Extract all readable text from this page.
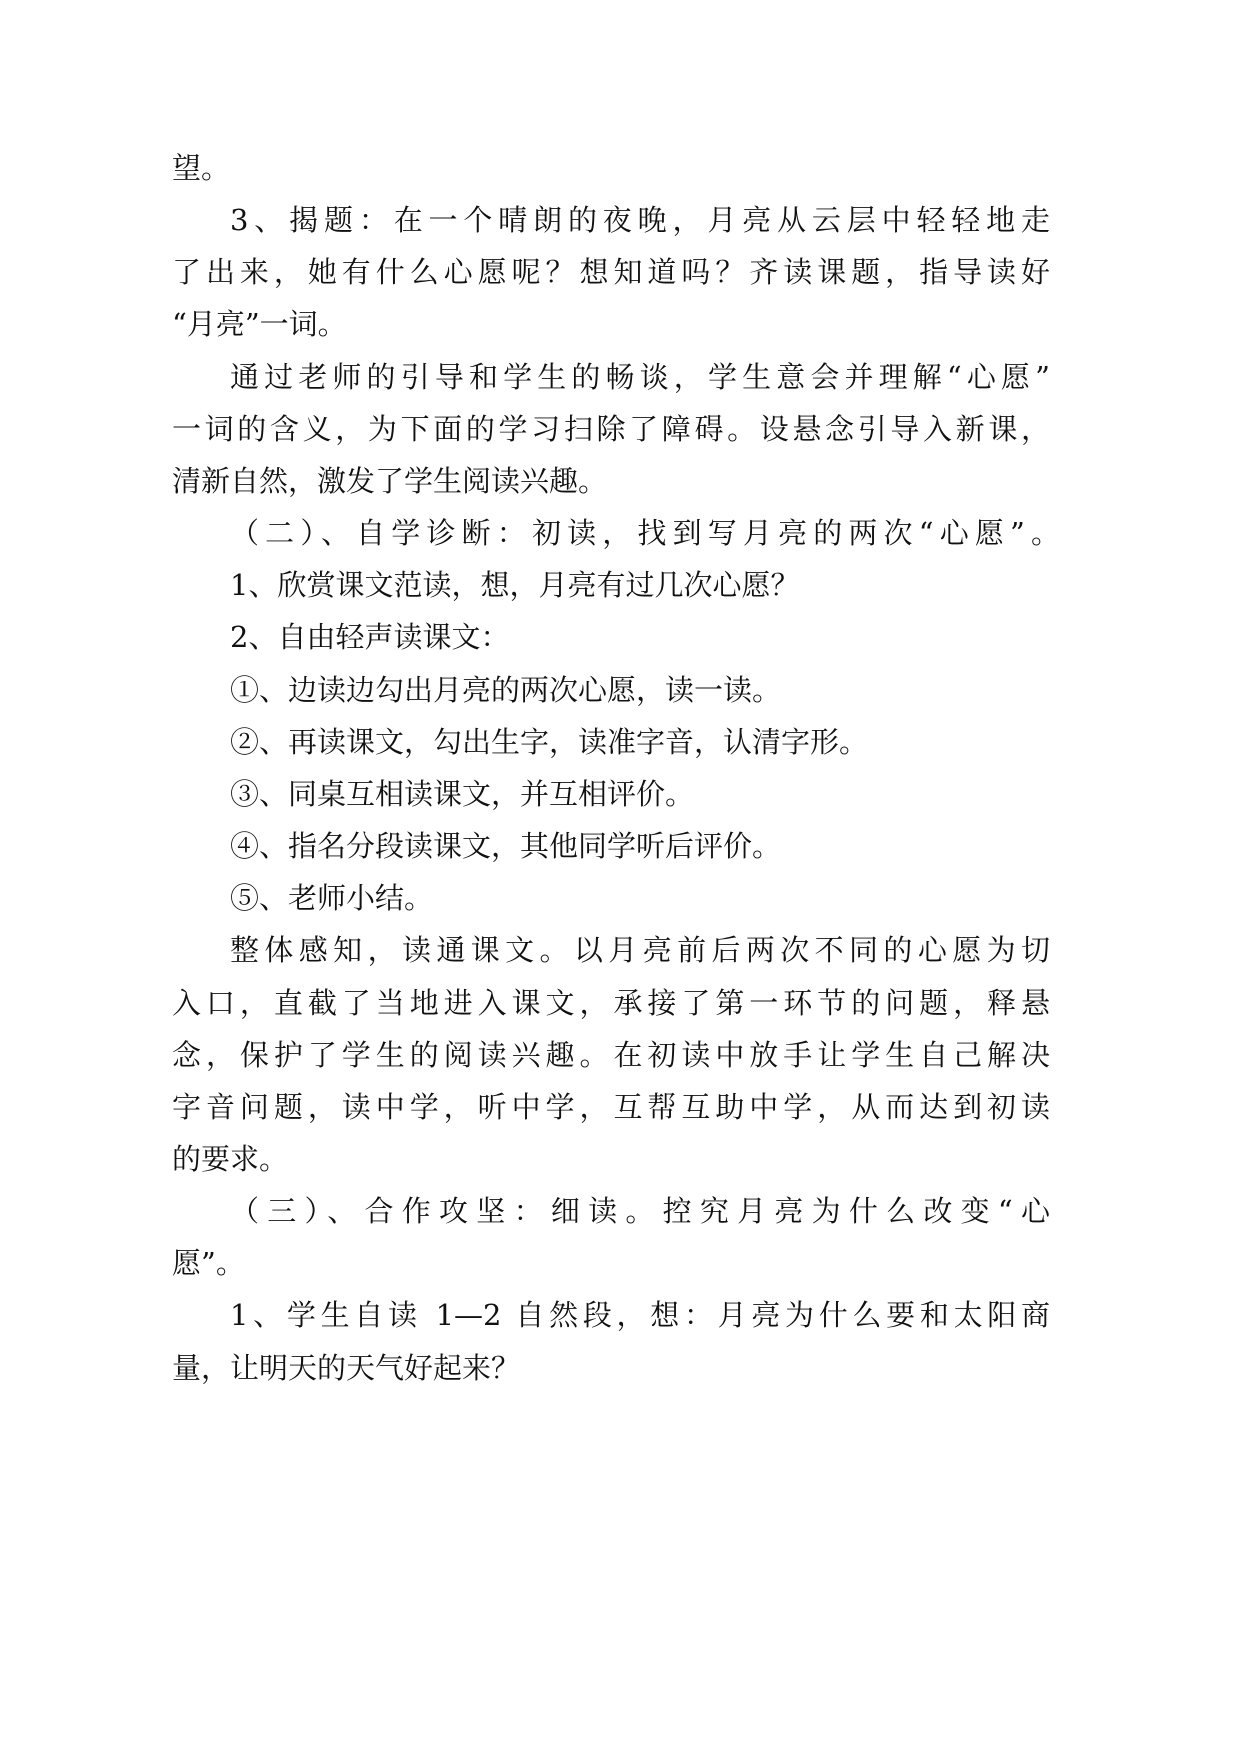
望。
3、揭题：在一个晴朗的夜晚，月亮从云层中轻轻地走
了出来，她有什么心愿呢？想知道吗？齐读课题，指导读好
“月亮”一词。
通过老师的引导和学生的畅谈，学生意会并理解“心愿”
一词的含义，为下面的学习扫除了障碍。设悬念引导入新课，
清新自然，激发了学生阅读兴趣。
（二）、自学诊断：初读，找到写月亮的两次“心愿”。
1、欣赏课文范读，想，月亮有过几次心愿？
2、自由轻声读课文：
①、边读边勾出月亮的两次心愿，读一读。
②、再读课文，勾出生字，读准字音，认清字形。
③、同桌互相读课文，并互相评价。
④、指名分段读课文，其他同学听后评价。
⑤、老师小结。
整体感知，读通课文。以月亮前后两次不同的心愿为切
入口，直截了当地进入课文，承接了第一环节的问题，释悬
念，保护了学生的阅读兴趣。在初读中放手让学生自己解决
字音问题，读中学，听中学，互帮互助中学，从而达到初读
的要求。
（三）、合作攻坚：细读。控究月亮为什么改变“心
愿”。
1、学生自读 1—2 自然段，想：月亮为什么要和太阳商
量，让明天的天气好起来？
